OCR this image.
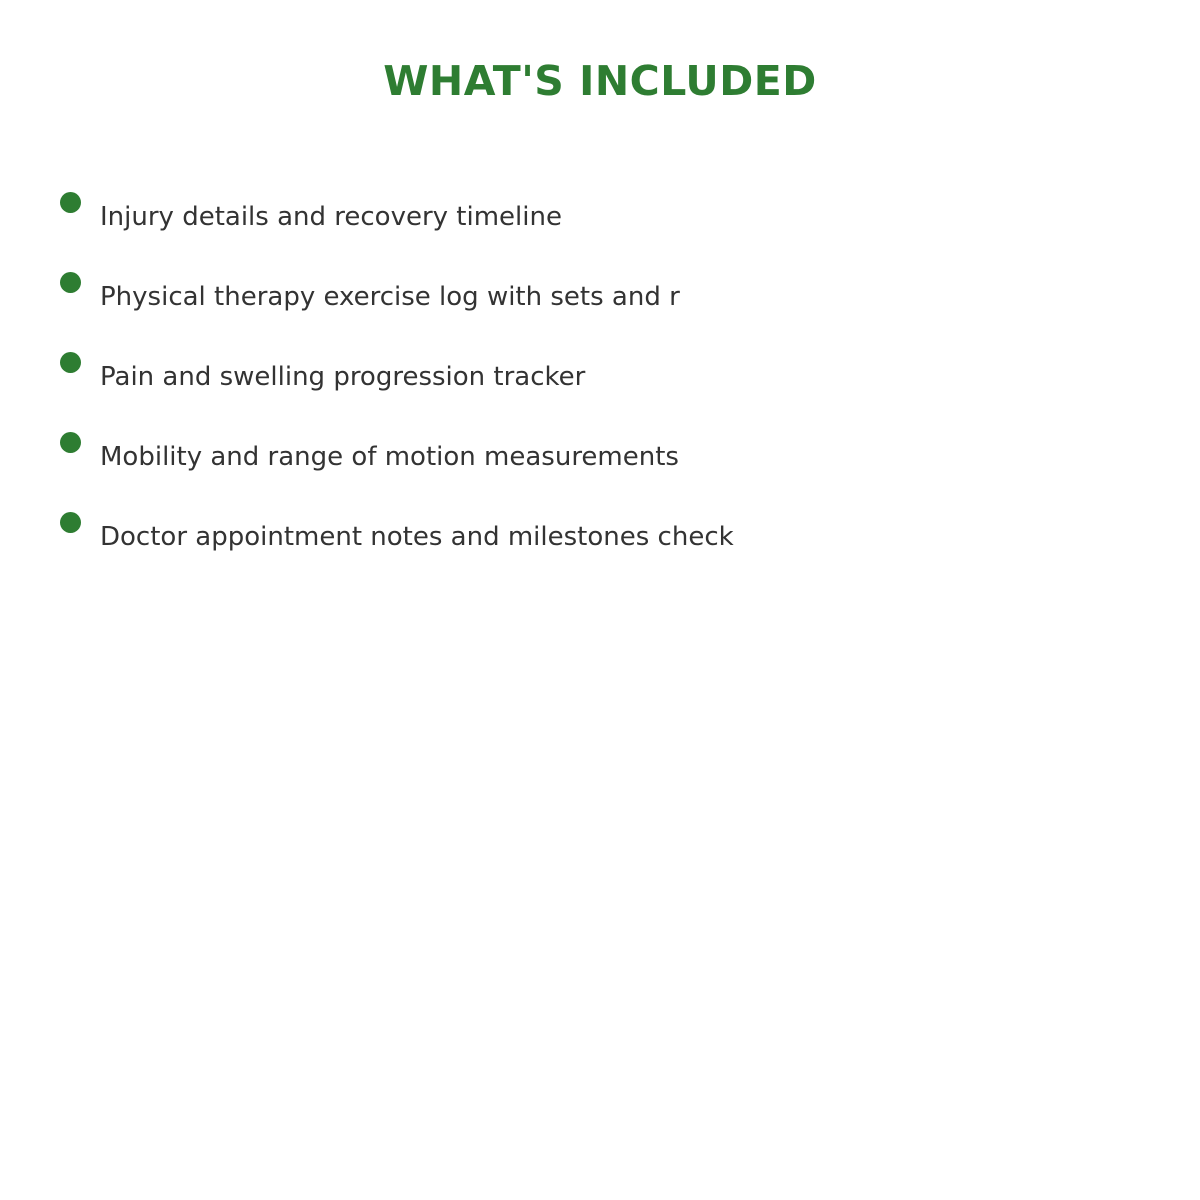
WHAT'S INCLUDED
Injury details and recovery timeline
Physical therapy exercise log with sets and r
Pain and swelling progression tracker
Mobility and range of motion measurements
Doctor appointment notes and milestones check
